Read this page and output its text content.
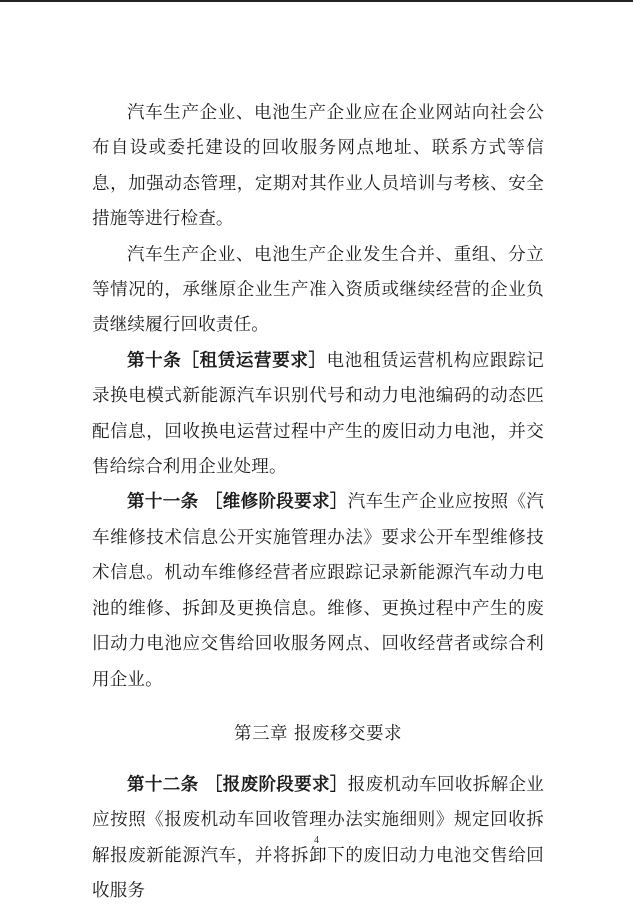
汽车生产企业、电池生产企业应在企业网站向社会公布自设或委托建设的回收服务网点地址、联系方式等信息，加强动态管理，定期对其作业人员培训与考核、安全措施等进行检查。

汽车生产企业、电池生产企业发生合并、重组、分立等情况的，承继原企业生产准入资质或继续经营的企业负责继续履行回收责任。

第十条［租赁运营要求］电池租赁运营机构应跟踪记录换电模式新能源汽车识别代号和动力电池编码的动态匹配信息，回收换电运营过程中产生的废旧动力电池，并交售给综合利用企业处理。

第十一条 ［维修阶段要求］汽车生产企业应按照《汽车维修技术信息公开实施管理办法》要求公开车型维修技术信息。机动车维修经营者应跟踪记录新能源汽车动力电池的维修、拆卸及更换信息。维修、更换过程中产生的废旧动力电池应交售给回收服务网点、回收经营者或综合利用企业。

第三章 报废移交要求

第十二条 ［报废阶段要求］报废机动车回收拆解企业应按照《报废机动车回收管理办法实施细则》规定回收拆解报废新能源汽车，并将拆卸下的废旧动力电池交售给回收服务

4
